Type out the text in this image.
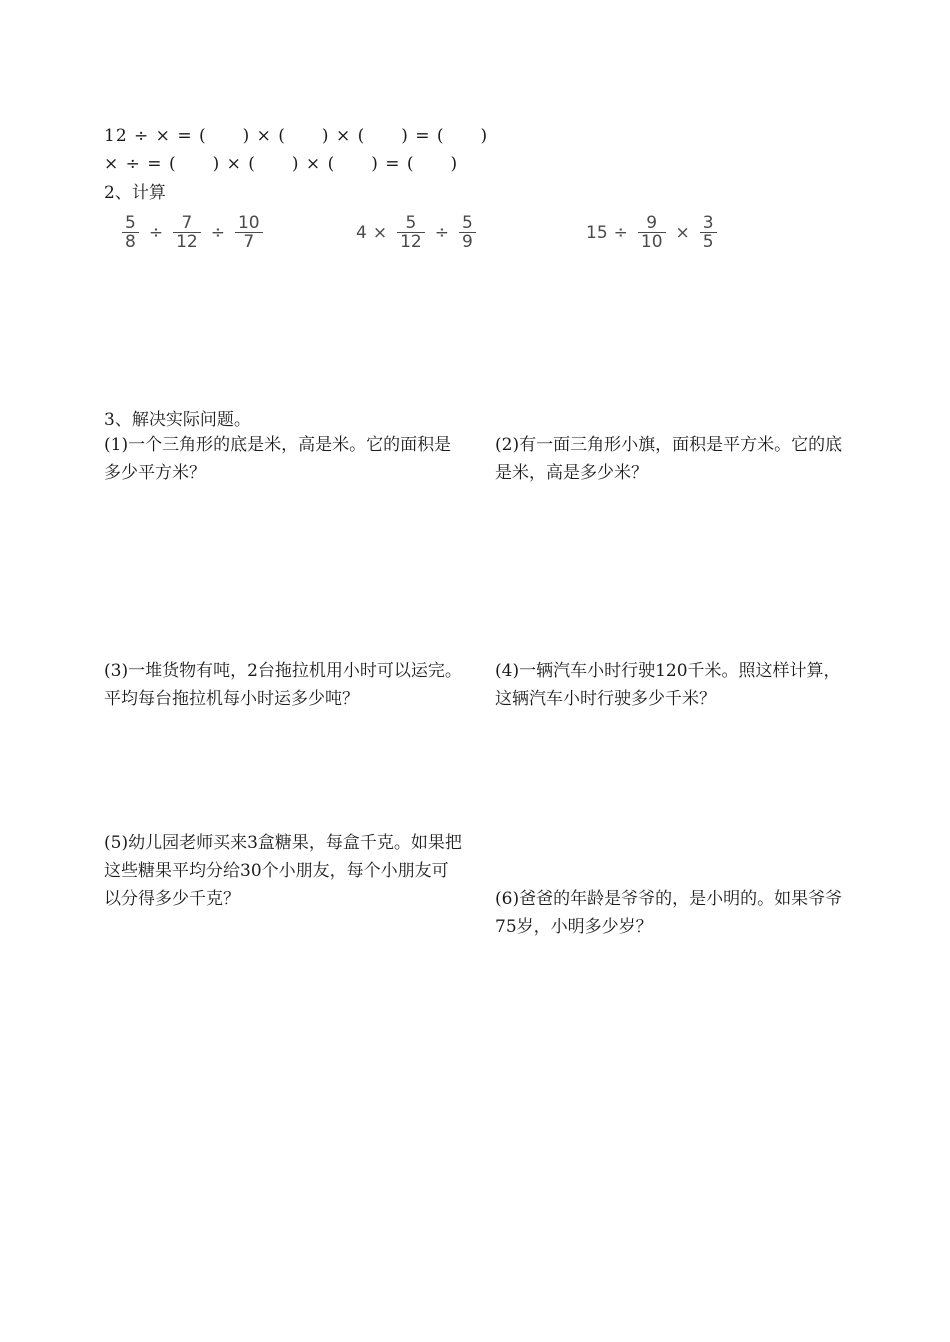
12 ÷ × = (　　) × (　　) × (　　) = (　　)
× ÷ = (　　) × (　　) × (　　) = (　　)
2、计算
$\frac{5}{8} \div \frac{7}{12} \div \frac{10}{7}$	$4 \times \frac{5}{12} \div \frac{5}{9}$	$15 \div \frac{9}{10} \times \frac{3}{5}$
3、解决实际问题。
(1)一个三角形的底是米，高是米。它的面积是多少平方米？
(2)有一面三角形小旗，面积是平方米。它的底是米，高是多少米？
(3)一堆货物有吨，2台拖拉机用小时可以运完。平均每台拖拉机每小时运多少吨？
(4)一辆汽车小时行驶120千米。照这样计算，这辆汽车小时行驶多少千米？
(5)幼儿园老师买来3盒糖果，每盒千克。如果把这些糖果平均分给30个小朋友，每个小朋友可以分得多少千克？	(6)爸爸的年龄是爷爷的，是小明的。如果爷爷75岁，小明多少岁？
